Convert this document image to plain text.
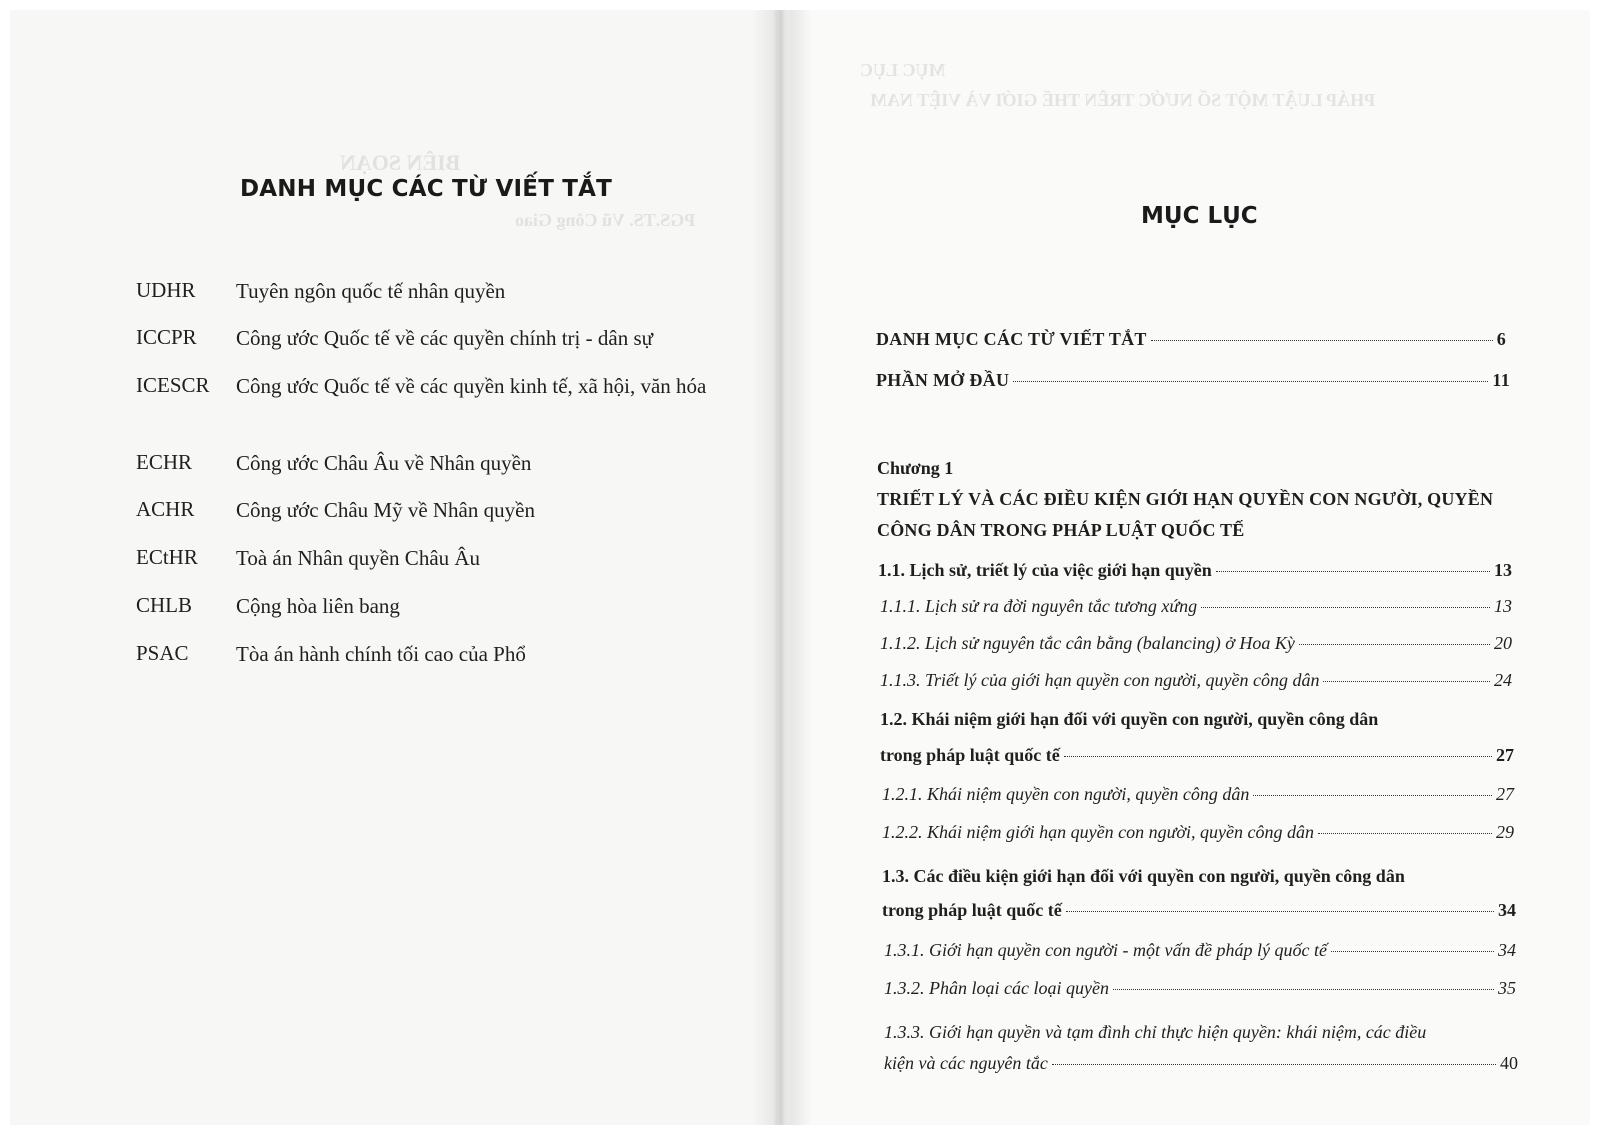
BIÊN SOẠN
PGS.TS. Vũ Công Giao
MỤC LỤC
PHÁP LUẬT MỘT SỐ NƯỚC TRÊN THẾ GIỚI VÀ VIỆT NAM
DANH MỤC CÁC TỪ VIẾT TẮT
UDHR	Tuyên ngôn quốc tế nhân quyền
ICCPR	Công ước Quốc tế về các quyền chính trị - dân sự
ICESCR	Công ước Quốc tế về các quyền kinh tế, xã hội, văn hóa
ECHR	Công ước Châu Âu về Nhân quyền
ACHR	Công ước Châu Mỹ về Nhân quyền
ECtHR	Toà án Nhân quyền Châu Âu
CHLB	Cộng hòa liên bang
PSAC	Tòa án hành chính tối cao của Phổ
MỤC LỤC
DANH MỤC CÁC TỪ VIẾT TẮT	6
PHẦN MỞ ĐẦU	11
Chương 1
TRIẾT LÝ VÀ CÁC ĐIỀU KIỆN GIỚI HẠN QUYỀN CON NGƯỜI, QUYỀN CÔNG DÂN TRONG PHÁP LUẬT QUỐC TẾ
1.1. Lịch sử, triết lý của việc giới hạn quyền	13
1.1.1. Lịch sử ra đời nguyên tắc tương xứng	13
1.1.2. Lịch sử nguyên tắc cân bằng (balancing) ở Hoa Kỳ	20
1.1.3. Triết lý của giới hạn quyền con người, quyền công dân	24
1.2. Khái niệm giới hạn đối với quyền con người, quyền công dân
trong pháp luật quốc tế	27
1.2.1. Khái niệm quyền con người, quyền công dân	27
1.2.2. Khái niệm giới hạn quyền con người, quyền công dân	29
1.3. Các điều kiện giới hạn đối với quyền con người, quyền công dân
trong pháp luật quốc tế	34
1.3.1. Giới hạn quyền con người - một vấn đề pháp lý quốc tế	34
1.3.2. Phân loại các loại quyền	35
1.3.3. Giới hạn quyền và tạm đình chỉ thực hiện quyền: khái niệm, các điều
kiện và các nguyên tắc	40
